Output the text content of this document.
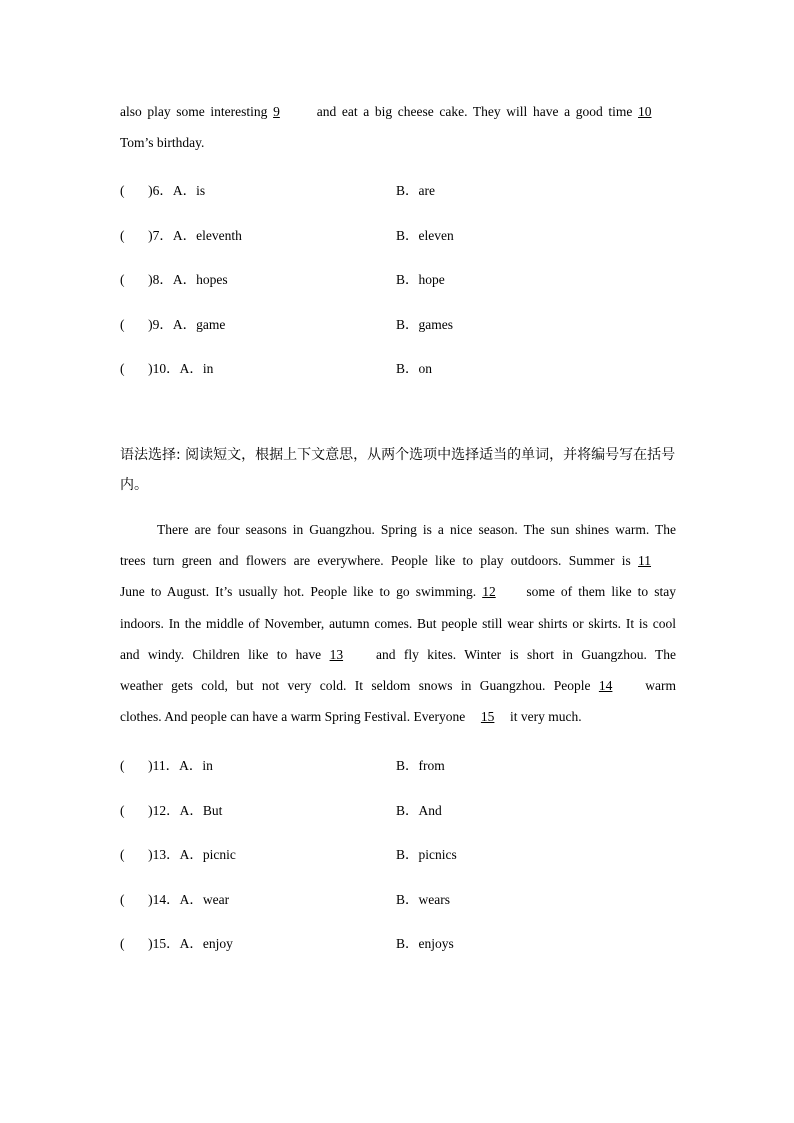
also play some interesting 9	and eat a big cheese cake. They will have a good time 10
Tom’s birthday.
( )6．A．is	B．are
( )7．A．eleventh	B．eleven
( )8．A．hopes	B．hope
( )9．A．game	B．games
( )10．A．in	B．on
语法选择: 阅读短文，根据上下文意思，从两个选项中选择适当的单词，并将编号写在括号内。
There are four seasons in Guangzhou. Spring is a nice season. The sun shines warm. The
trees turn green and flowers are everywhere. People like to play outdoors. Summer is 11
June to August. It’s usually hot. People like to go swimming. 12 some of them like to stay
indoors. In the middle of November, autumn comes. But people still wear shirts or skirts. It is cool
and windy. Children like to have 13 and fly kites. Winter is short in Guangzhou. The
weather gets cold, but not very cold. It seldom snows in Guangzhou. People 14 warm
clothes. And people can have a warm Spring Festival. Everyone 15 it very much.
( )11．A．in	B．from
( )12．A．But	B．And
( )13．A．picnic	B．picnics
( )14．A．wear	B．wears
( )15．A．enjoy	B．enjoys
